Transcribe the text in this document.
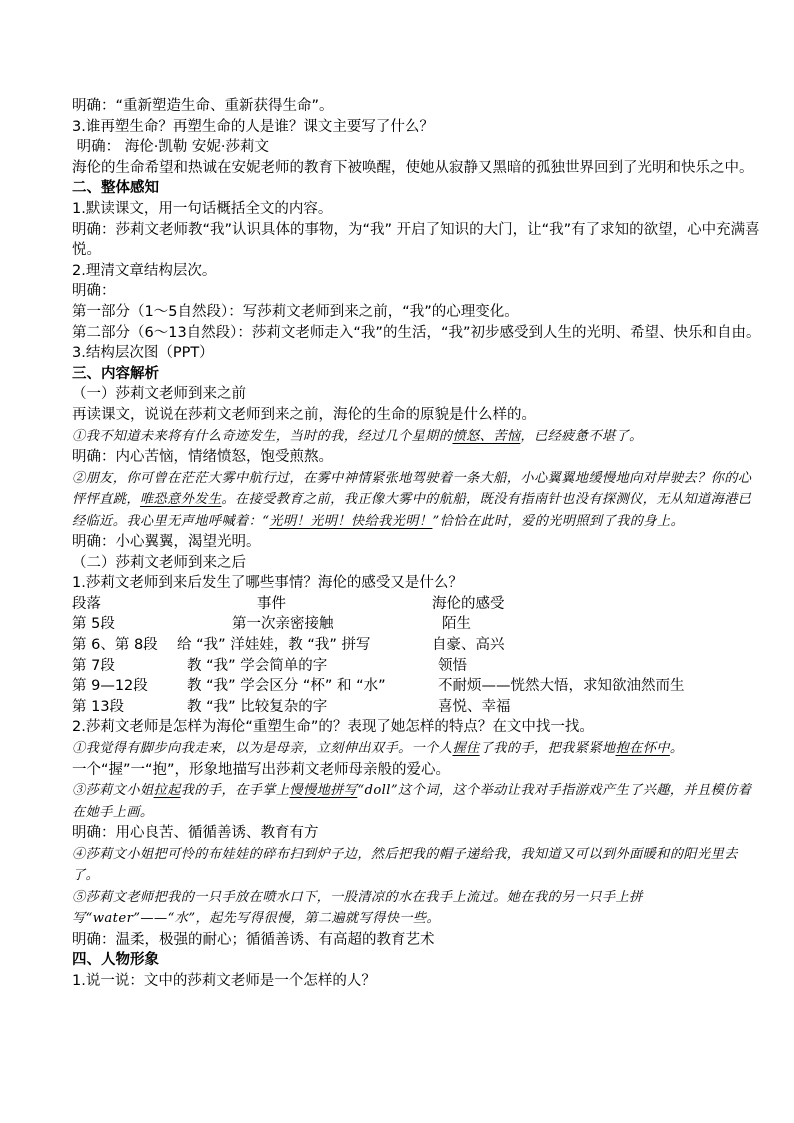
明确：“重新塑造生命、重新获得生命”。
3.谁再塑生命？再塑生命的人是谁？课文主要写了什么？
明确： 海伦·凯勒 安妮·莎莉文
海伦的生命希望和热诚在安妮老师的教育下被唤醒，使她从寂静又黑暗的孤独世界回到了光明和快乐之中。
二、整体感知
1.默读课文，用一句话概括全文的内容。
明确：莎莉文老师教“我”认识具体的事物，为“我” 开启了知识的大门，让“我”有了求知的欲望，心中充满喜悦。
2.理清文章结构层次。
明确：
第一部分（1～5自然段）：写莎莉文老师到来之前，“我”的心理变化。
第二部分（6～13自然段）：莎莉文老师走入“我”的生活，“我”初步感受到人生的光明、希望、快乐和自由。
3.结构层次图（PPT）
三、内容解析
（一）莎莉文老师到来之前
再读课文，说说在莎莉文老师到来之前，海伦的生命的原貌是什么样的。
①我不知道未来将有什么奇迹发生，当时的我，经过几个星期的愤怒、苦恼，已经疲惫不堪了。
明确：内心苦恼，情绪愤怒，饱受煎熬。
②朋友，你可曾在茫茫大雾中航行过，在雾中神情紧张地驾驶着一条大船，小心翼翼地缓慢地向对岸驶去？你的心怦怦直跳，唯恐意外发生。在接受教育之前，我正像大雾中的航船，既没有指南针也没有探测仪，无从知道海港已经临近。我心里无声地呼喊着：“光明！光明！快给我光明！”恰恰在此时，爱的光明照到了我的身上。
明确：小心翼翼，渴望光明。
（二）莎莉文老师到来之后
1.莎莉文老师到来后发生了哪些事情？海伦的感受又是什么？
段落	事件	海伦的感受
第 5段	第一次亲密接触	陌生
第 6、第 8段	给 “我” 洋娃娃，教 “我” 拼写	自豪、高兴
第 7段	教 “我” 学会简单的字	领悟
第 9—12段	教 “我” 学会区分 “杯” 和 “水”	不耐烦——恍然大悟，求知欲油然而生
第 13段	教 “我” 比较复杂的字	喜悦、幸福
2.莎莉文老师是怎样为海伦“重塑生命”的？表现了她怎样的特点？在文中找一找。
①我觉得有脚步向我走来，以为是母亲，立刻伸出双手。一个人握住了我的手，把我紧紧地抱在怀中。
一个“握”一“抱”，形象地描写出莎莉文老师母亲般的爱心。
③莎莉文小姐拉起我的手，在手掌上慢慢地拼写“doll”这个词，这个举动让我对手指游戏产生了兴趣，并且模仿着在她手上画。
明确：用心良苦、循循善诱、教育有方
④莎莉文小姐把可怜的布娃娃的碎布扫到炉子边，然后把我的帽子递给我，我知道又可以到外面暖和的阳光里去了。
⑤莎莉文老师把我的一只手放在喷水口下，一股清凉的水在我手上流过。她在我的另一只手上拼写“water”——“水”，起先写得很慢，第二遍就写得快一些。
明确：温柔，极强的耐心；循循善诱、有高超的教育艺术
四、人物形象
1.说一说：文中的莎莉文老师是一个怎样的人？
